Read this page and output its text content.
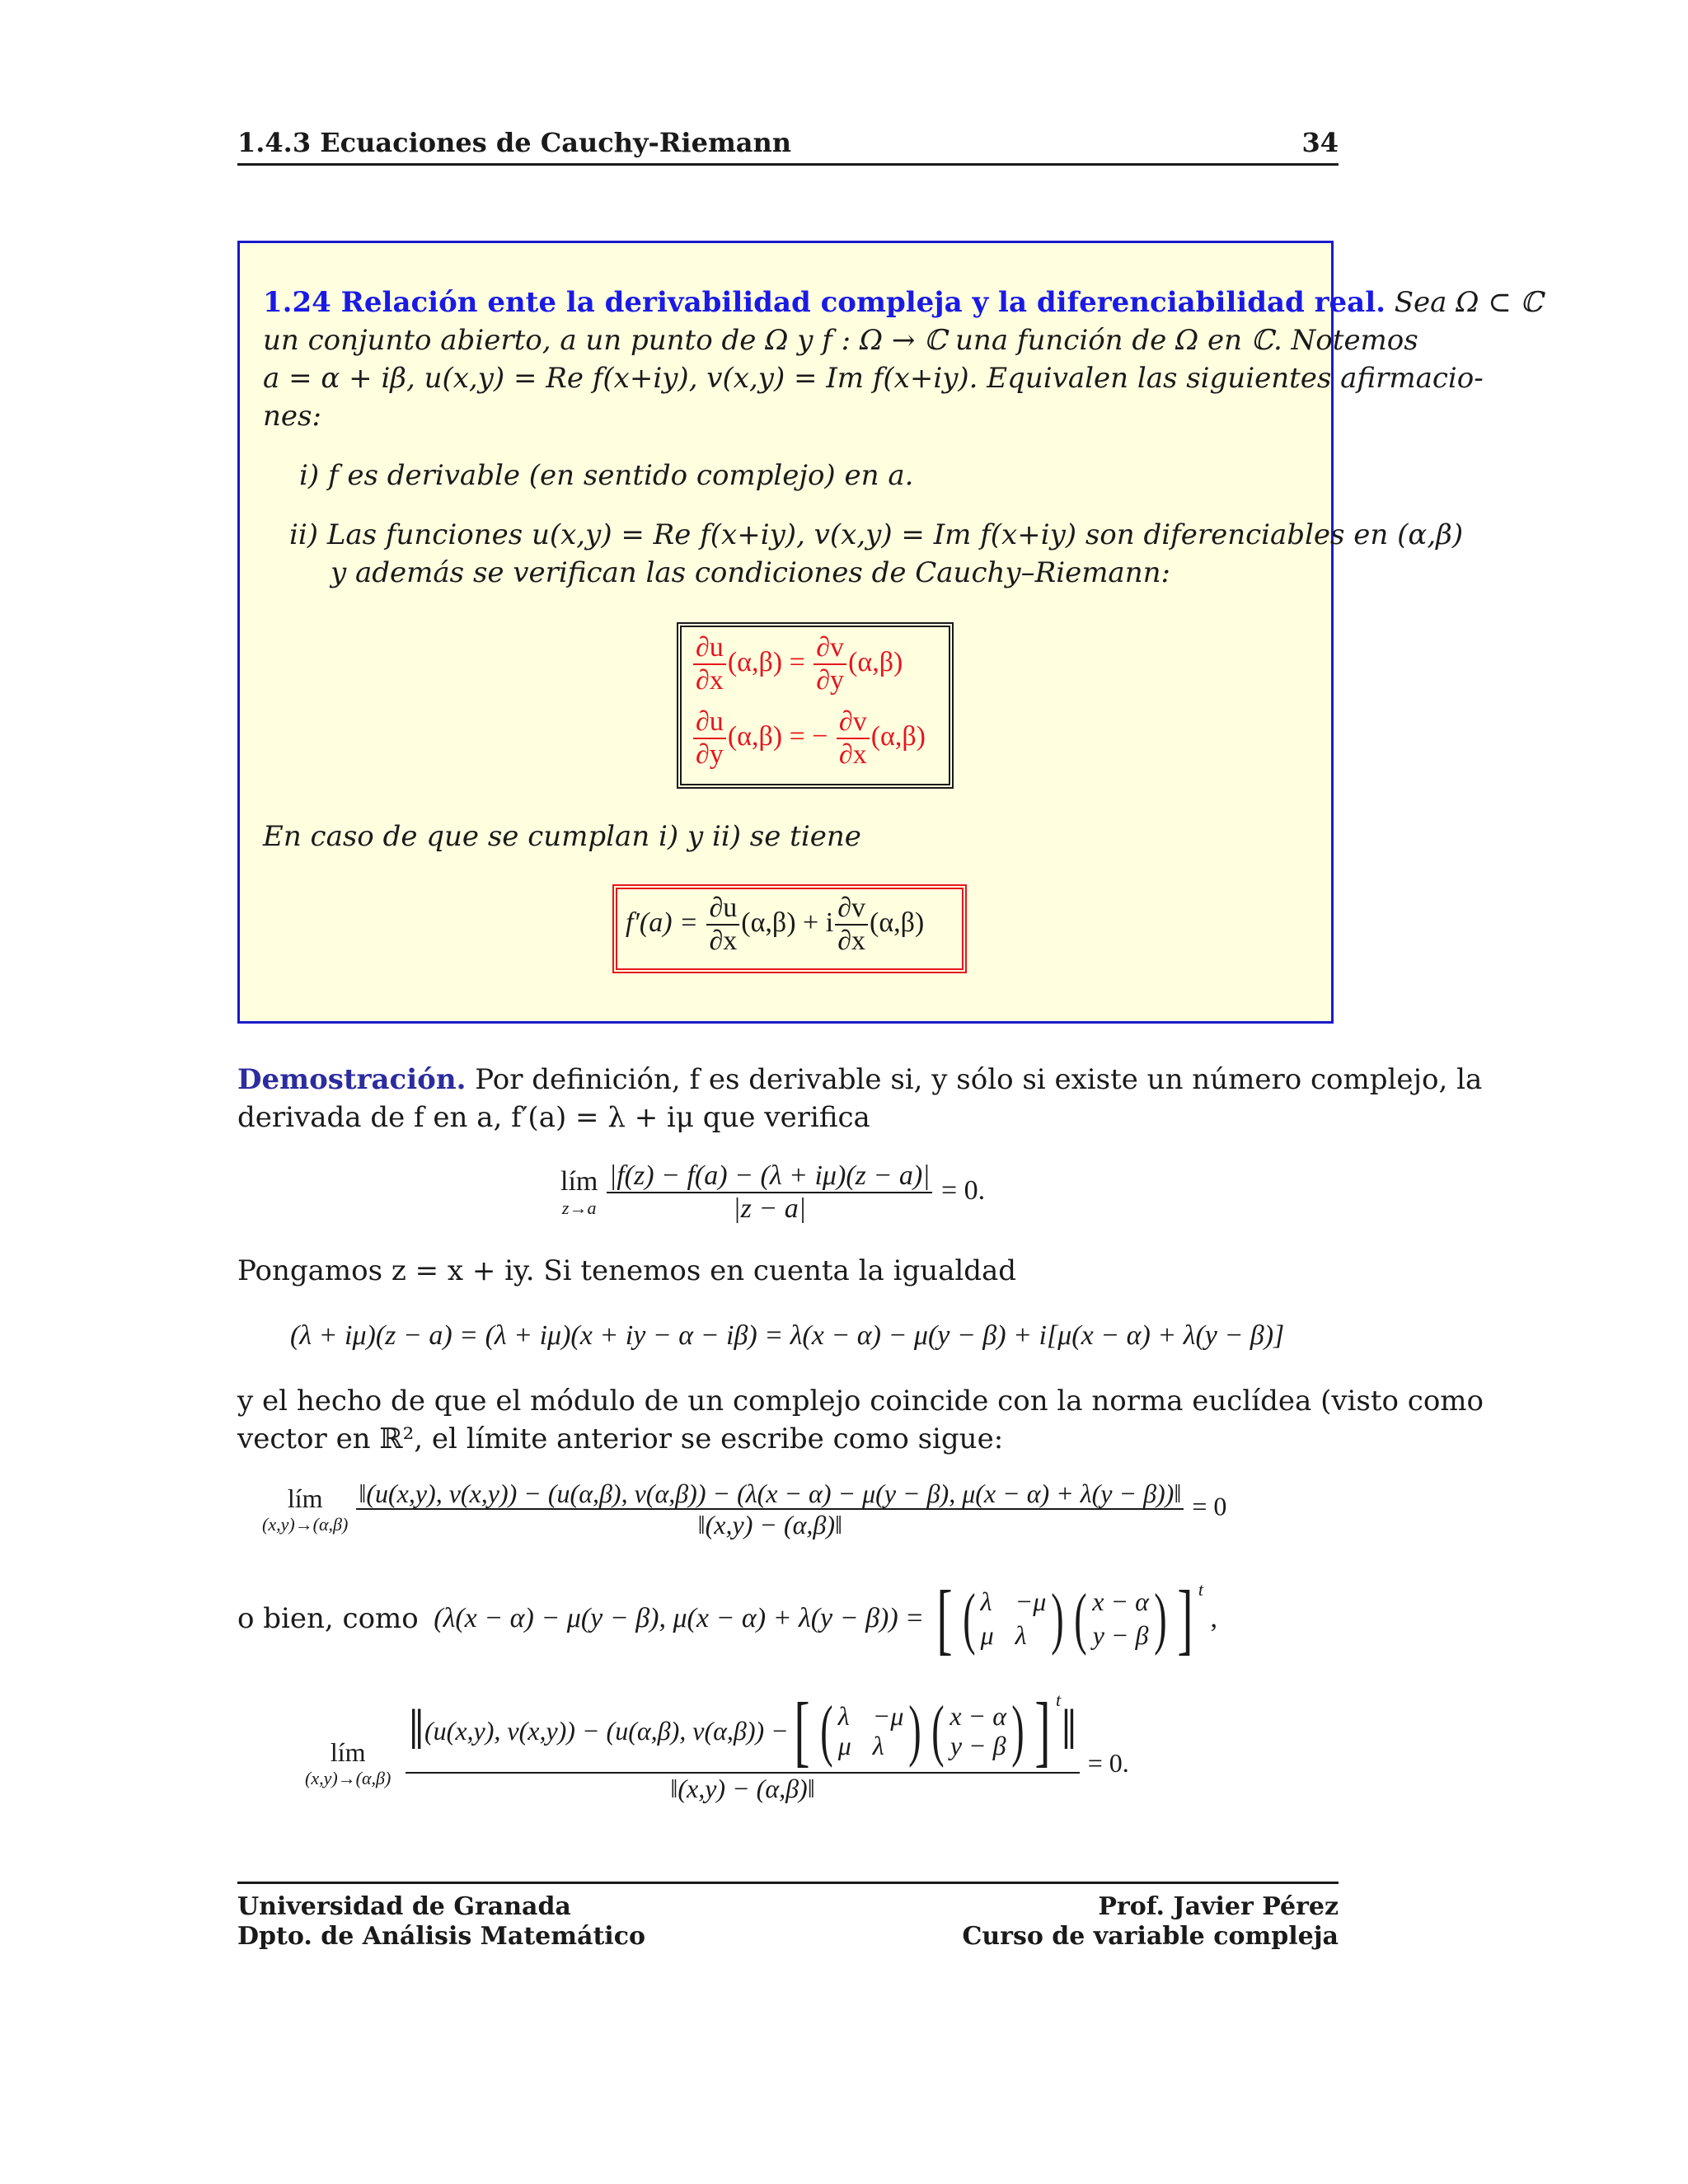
1.4.3 Ecuaciones de Cauchy-Riemann	34
1.24 Relación ente la derivabilidad compleja y la diferenciabilidad real. Sea Ω ⊂ ℂ
un conjunto abierto, a un punto de Ω y f : Ω → ℂ una función de Ω en ℂ. Notemos
a = α + iβ, u(x,y) = Re f(x+iy), v(x,y) = Im f(x+iy). Equivalen las siguientes afirmacio-
nes:
i) f es derivable (en sentido complejo) en a.
ii) Las funciones u(x,y) = Re f(x+iy), v(x,y) = Im f(x+iy) son diferenciables en (α,β)
y además se verifican las condiciones de Cauchy–Riemann:
$\frac{\partial u}{\partial x} (\alpha,\beta) = \frac{\partial v}{\partial y} (\alpha,\beta)$
$\frac{\partial u}{\partial y} (\alpha,\beta)$ = − $\frac{\partial v}{\partial x} (\alpha,\beta)$
En caso de que se cumplan i) y ii) se tiene
$f'(a) = \frac{\partial u}{\partial x} (\alpha,\beta) + i \frac{\partial v}{\partial x} (\alpha,\beta)$
Demostración. Por definición, f es derivable si, y sólo si existe un número complejo, la
derivada de f en a, f′(a) = λ + iμ que verifica
lím
z→a
$\frac{|f(z) - f(a) - (\lambda + i\mu)(z - a)|}{|z - a|} = 0$.
Pongamos z = x + iy. Si tenemos en cuenta la igualdad
(λ + iμ)(z − a) = (λ + iμ)(x + iy − α − iβ) = λ(x − α) − μ(y − β) + i[μ(x − α) + λ(y − β)]
y el hecho de que el módulo de un complejo coincide con la norma euclídea (visto como
vector en ℝ², el límite anterior se escribe como sigue:
lím
(x,y)→(α,β)

‖(u(x,y), v(x,y)) − (u(α,β), v(α,β)) − (λ(x − α) − μ(y − β), μ(x − α) + λ(y − β))‖
‖(x,y) − (α,β)‖
= 0
o bien, como (λ(x − α) − μ(y − β), μ(x − α) + λ(y − β)) = [ ( λ −μ
μ λ ) ( x − α
y − β ) ] $^t$
,
lím
(x,y)→(α,β)

‖ (u(x,y), v(x,y)) − (u(α,β), v(α,β)) − [ ( λ −μ
μ λ ) ( x − α
y − β ) ] $^t$ ‖
‖(x,y) − (α,β)‖
= 0.
Universidad de Granada
Dpto. de Análisis Matemático
Prof. Javier Pérez
Curso de variable compleja
